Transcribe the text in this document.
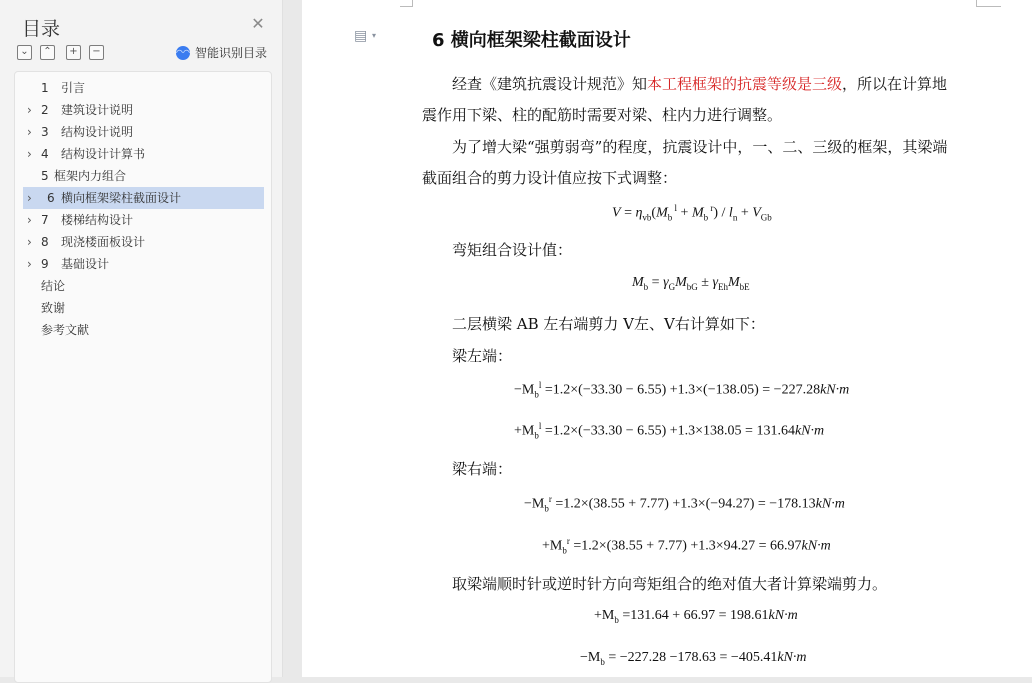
目录	✕
⌄	⌃	+	−	◠◠ 智能识别目录
1 引言
› 2 建筑设计说明
› 3 结构设计说明
› 4 结构设计计算书
5 框架内力组合
›	6 横向框架梁柱截面设计
› 7 楼梯结构设计
› 8 现浇楼面板设计
› 9 基础设计
结论
致谢
参考文献
▤ ▾	6 横向框架梁柱截面设计
经查《建筑抗震设计规范》知本工程框架的抗震等级是三级，所以在计算地
震作用下梁、柱的配筋时需要对梁、柱内力进行调整。
为了增大梁“强剪弱弯”的程度，抗震设计中，一、二、三级的框架，其梁端
截面组合的剪力设计值应按下式调整：
$V = \eta_{vb}(M_b$ $^l + M_b$ $^r) / l_n + V_{Gb}$
弯矩组合设计值：
$M_b = \gamma_GM_{bG} \pm \gamma_{Eh}M_{bE}$
二层横梁 AB 左右端剪力 V左、V右计算如下：
梁左端：
$-M_b^l =1.2\times(-33.30 - 6.55) +1.3\times(-138.05) = -227.28kN\cdot m$
$+M_b^l =1.2\times(-33.30 - 6.55) +1.3\times 138.05 = 131.64kN\cdot m$
梁右端：
$-M_b^r =1.2\times(38.55 + 7.77) +1.3\times(-94.27) = -178.13kN\cdot m$
$+M_b^r =1.2\times(38.55 + 7.77) +1.3\times 94.27 = 66.97kN\cdot m$
取梁端顺时针或逆时针方向弯矩组合的绝对值大者计算梁端剪力。
$+M_b =131.64 + 66.97 = 198.61kN\cdot m$
$-M_b = -227.28 -178.63 = -405.41kN\cdot m$
